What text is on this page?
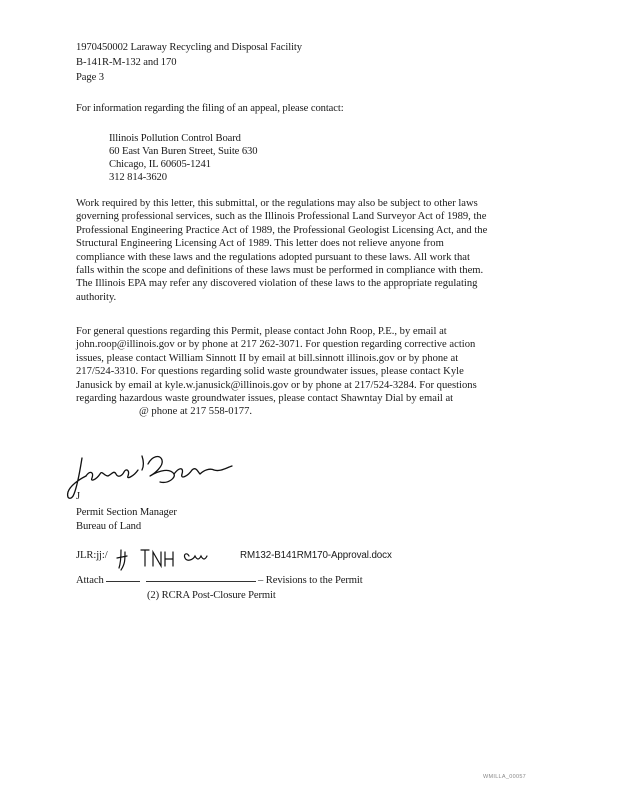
1970450002 Laraway Recycling and Disposal Facility
B-141R-M-132 and 170
Page 3
For information regarding the filing of an appeal, please contact:
Illinois Pollution Control Board
60 East Van Buren Street, Suite 630
Chicago, IL 60605-1241
312 814-3620
Work required by this letter, this submittal, or the regulations may also be subject to other laws
governing professional services, such as the Illinois Professional Land Surveyor Act of 1989, the
Professional Engineering Practice Act of 1989, the Professional Geologist Licensing Act, and the
Structural Engineering Licensing Act of 1989. This letter does not relieve anyone from
compliance with these laws and the regulations adopted pursuant to these laws. All work that
falls within the scope and definitions of these laws must be performed in compliance with them.
The Illinois EPA may refer any discovered violation of these laws to the appropriate regulating
authority.
For general questions regarding this Permit, please contact John Roop, P.E., by email at
john.roop@illinois.gov or by phone at 217 262-3071. For question regarding corrective action
issues, please contact William Sinnott II by email at bill.sinnott illinois.gov or by phone at
217/524-3310. For questions regarding solid waste groundwater issues, please contact Kyle
Janusick by email at kyle.w.janusick@illinois.gov or by phone at 217/524-3284. For questions
regarding hazardous waste groundwater issues, please contact Shawntay Dial by email at
@ phone at 217 558-0177.
J
Permit Section Manager
Bureau of Land
JLR:jj:/	RM132-B141RM170-Approval.docx
Attach	– Revisions to the Permit
(2) RCRA Post-Closure Permit
WMILLA_00057
